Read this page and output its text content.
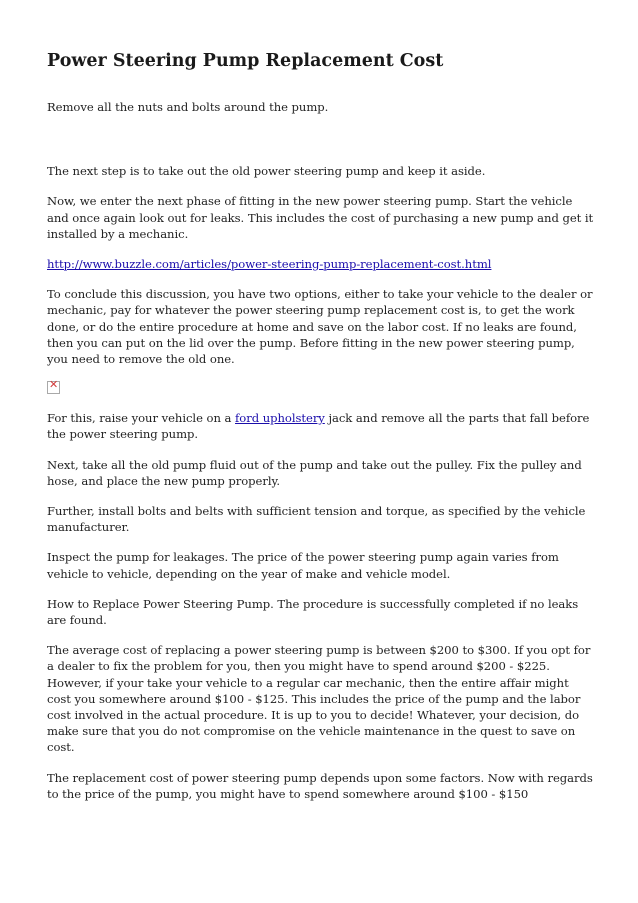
Power Steering Pump Replacement Cost

Remove all the nuts and bolts around the pump.

The next step is to take out the old power steering pump and keep it aside.

Now, we enter the next phase of fitting in the new power steering pump. Start the vehicle and once again look out for leaks. This includes the cost of purchasing a new pump and get it installed by a mechanic.

http://www.buzzle.com/articles/power-steering-pump-replacement-cost.html

To conclude this discussion, you have two options, either to take your vehicle to the dealer or mechanic, pay for whatever the power steering pump replacement cost is, to get the work done, or do the entire procedure at home and save on the labor cost. If no leaks are found, then you can put on the lid over the pump. Before fitting in the new power steering pump, you need to remove the old one.

✕

For this, raise your vehicle on a ford upholstery jack and remove all the parts that fall before the power steering pump.

Next, take all the old pump fluid out of the pump and take out the pulley. Fix the pulley and hose, and place the new pump properly.

Further, install bolts and belts with sufficient tension and torque, as specified by the vehicle manufacturer.

Inspect the pump for leakages. The price of the power steering pump again varies from vehicle to vehicle, depending on the year of make and vehicle model.

How to Replace Power Steering Pump. The procedure is successfully completed if no leaks are found.

The average cost of replacing a power steering pump is between $200 to $300. If you opt for a dealer to fix the problem for you, then you might have to spend around $200 - $225. However, if your take your vehicle to a regular car mechanic, then the entire affair might cost you somewhere around $100 - $125. This includes the price of the pump and the labor cost involved in the actual procedure. It is up to you to decide! Whatever, your decision, do make sure that you do not compromise on the vehicle maintenance in the quest to save on cost.

The replacement cost of power steering pump depends upon some factors. Now with regards to the price of the pump, you might have to spend somewhere around $100 - $150
